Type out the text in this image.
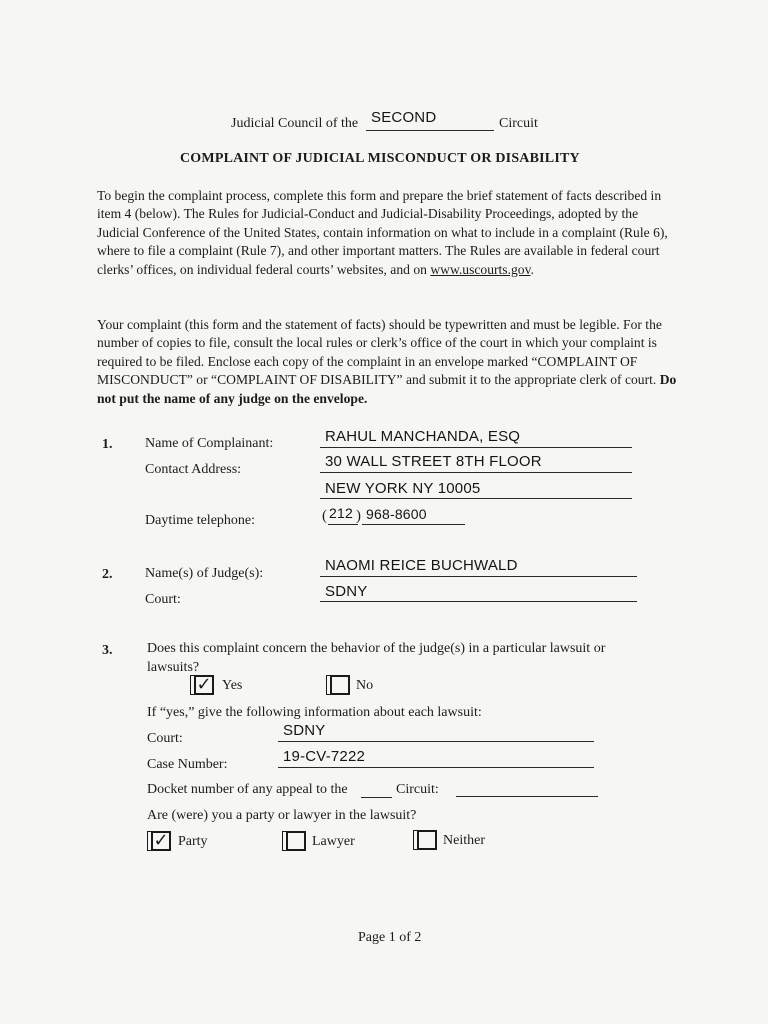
Judicial Council of the SECOND	Circuit
COMPLAINT OF JUDICIAL MISCONDUCT OR DISABILITY
To begin the complaint process, complete this form and prepare the brief statement of facts described in item 4 (below). The Rules for Judicial-Conduct and Judicial-Disability Proceedings, adopted by the Judicial Conference of the United States, contain information on what to include in a complaint (Rule 6), where to file a complaint (Rule 7), and other important matters. The Rules are available in federal court clerks’ offices, on individual federal courts’ websites, and on www.uscourts.gov.
Your complaint (this form and the statement of facts) should be typewritten and must be legible. For the number of copies to file, consult the local rules or clerk’s office of the court in which your complaint is required to be filed. Enclose each copy of the complaint in an envelope marked “COMPLAINT OF MISCONDUCT” or “COMPLAINT OF DISABILITY” and submit it to the appropriate clerk of court. Do not put the name of any judge on the envelope.
1. Name of Complainant:	RAHUL MANCHANDA, ESQ
Contact Address:	30 WALL STREET 8TH FLOOR
NEW YORK NY 10005
Daytime telephone:	( 212 ) 968-8600
2. Name(s) of Judge(s):	NAOMI REICE BUCHWALD
Court:	SDNY
3. Does this complaint concern the behavior of the judge(s) in a particular lawsuit or lawsuits?
✓ Yes	No
If “yes,” give the following information about each lawsuit:
Court:	SDNY
Case Number:	19-CV-7222
Docket number of any appeal to the	Circuit:
Are (were) you a party or lawyer in the lawsuit?
✓ Party	Lawyer	Neither
Page 1 of 2
